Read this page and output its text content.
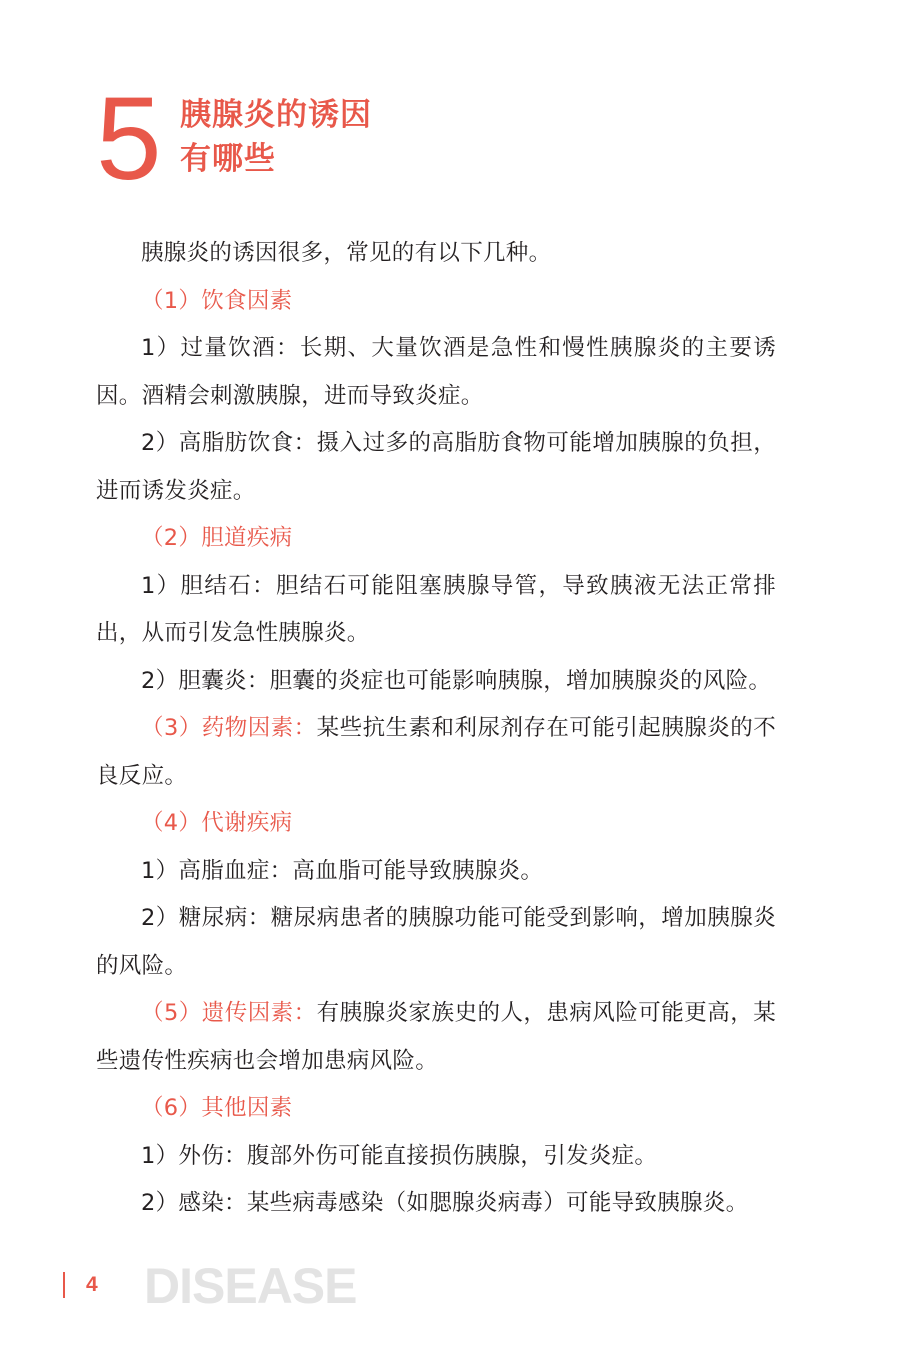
5 胰腺炎的诱因
有哪些

胰腺炎的诱因很多，常见的有以下几种。

（1）饮食因素

1）过量饮酒：长期、大量饮酒是急性和慢性胰腺炎的主要诱因。酒精会刺激胰腺，进而导致炎症。

2）高脂肪饮食：摄入过多的高脂肪食物可能增加胰腺的负担，进而诱发炎症。

（2）胆道疾病

1）胆结石：胆结石可能阻塞胰腺导管，导致胰液无法正常排出，从而引发急性胰腺炎。

2）胆囊炎：胆囊的炎症也可能影响胰腺，增加胰腺炎的风险。

（3）药物因素：某些抗生素和利尿剂存在可能引起胰腺炎的不良反应。

（4）代谢疾病

1）高脂血症：高血脂可能导致胰腺炎。

2）糖尿病：糖尿病患者的胰腺功能可能受到影响，增加胰腺炎的风险。

（5）遗传因素：有胰腺炎家族史的人，患病风险可能更高，某些遗传性疾病也会增加患病风险。

（6）其他因素

1）外伤：腹部外伤可能直接损伤胰腺，引发炎症。

2）感染：某些病毒感染（如腮腺炎病毒）可能导致胰腺炎。

4 DISEASE
